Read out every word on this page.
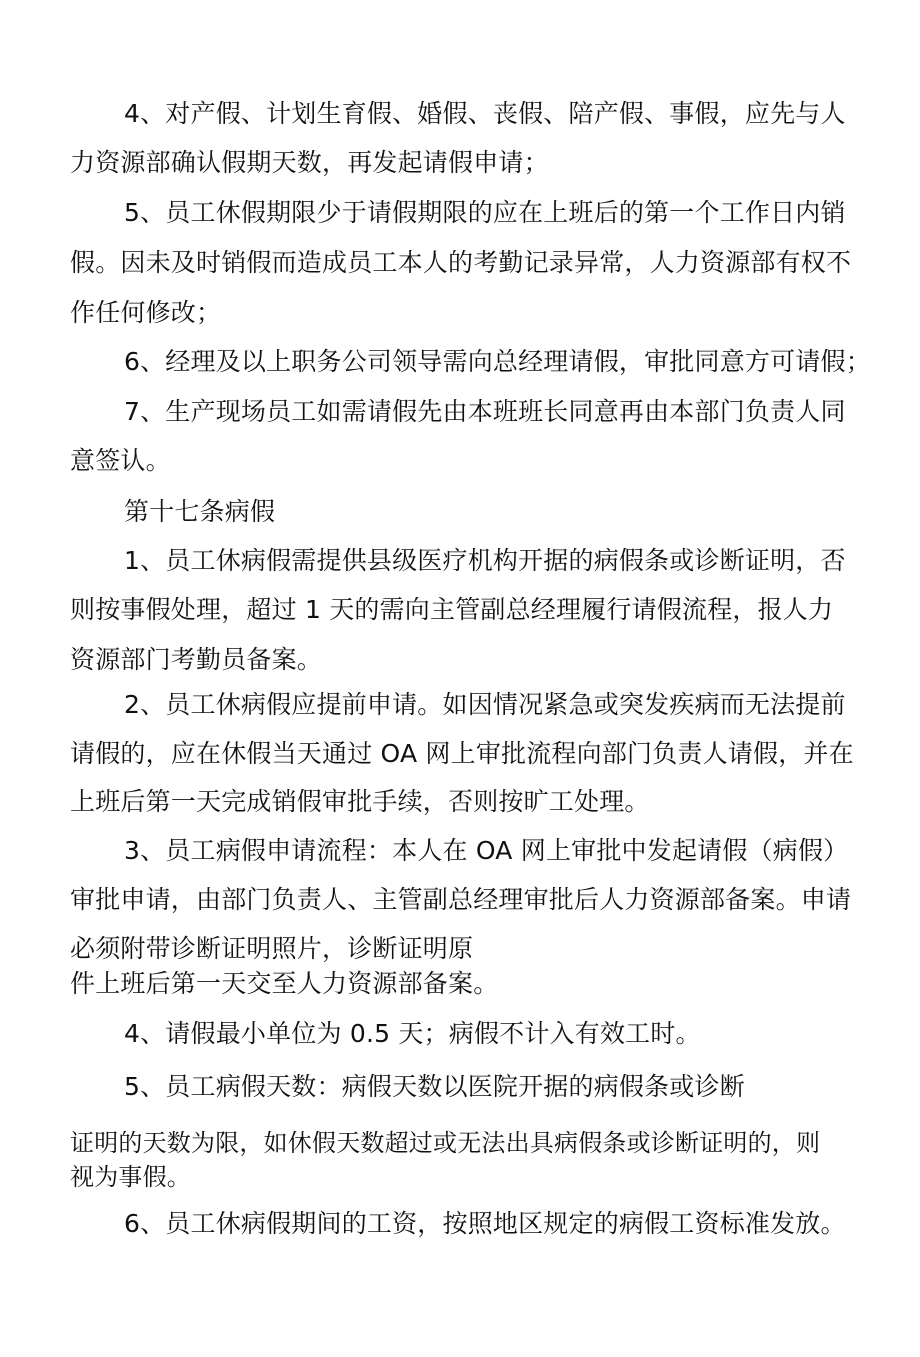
4、对产假、计划生育假、婚假、丧假、陪产假、事假，应先与人
力资源部确认假期天数，再发起请假申请；
5、员工休假期限少于请假期限的应在上班后的第一个工作日内销
假。因未及时销假而造成员工本人的考勤记录异常，人力资源部有权不
作任何修改；
6、经理及以上职务公司领导需向总经理请假，审批同意方可请假；
7、生产现场员工如需请假先由本班班长同意再由本部门负责人同
意签认。
第十七条病假
1、员工休病假需提供县级医疗机构开据的病假条或诊断证明，否
则按事假处理，超过 1 天的需向主管副总经理履行请假流程，报人力
资源部门考勤员备案。
2、员工休病假应提前申请。如因情况紧急或突发疾病而无法提前
请假的，应在休假当天通过 OA 网上审批流程向部门负责人请假，并在
上班后第一天完成销假审批手续，否则按旷工处理。
3、员工病假申请流程：本人在 OA 网上审批中发起请假（病假）
审批申请，由部门负责人、主管副总经理审批后人力资源部备案。申请
必须附带诊断证明照片，诊断证明原
件上班后第一天交至人力资源部备案。
4、请假最小单位为 0.5 天；病假不计入有效工时。
5、员工病假天数：病假天数以医院开据的病假条或诊断
证明的天数为限，如休假天数超过或无法出具病假条或诊断证明的，则
视为事假。
6、员工休病假期间的工资，按照地区规定的病假工资标准发放。
